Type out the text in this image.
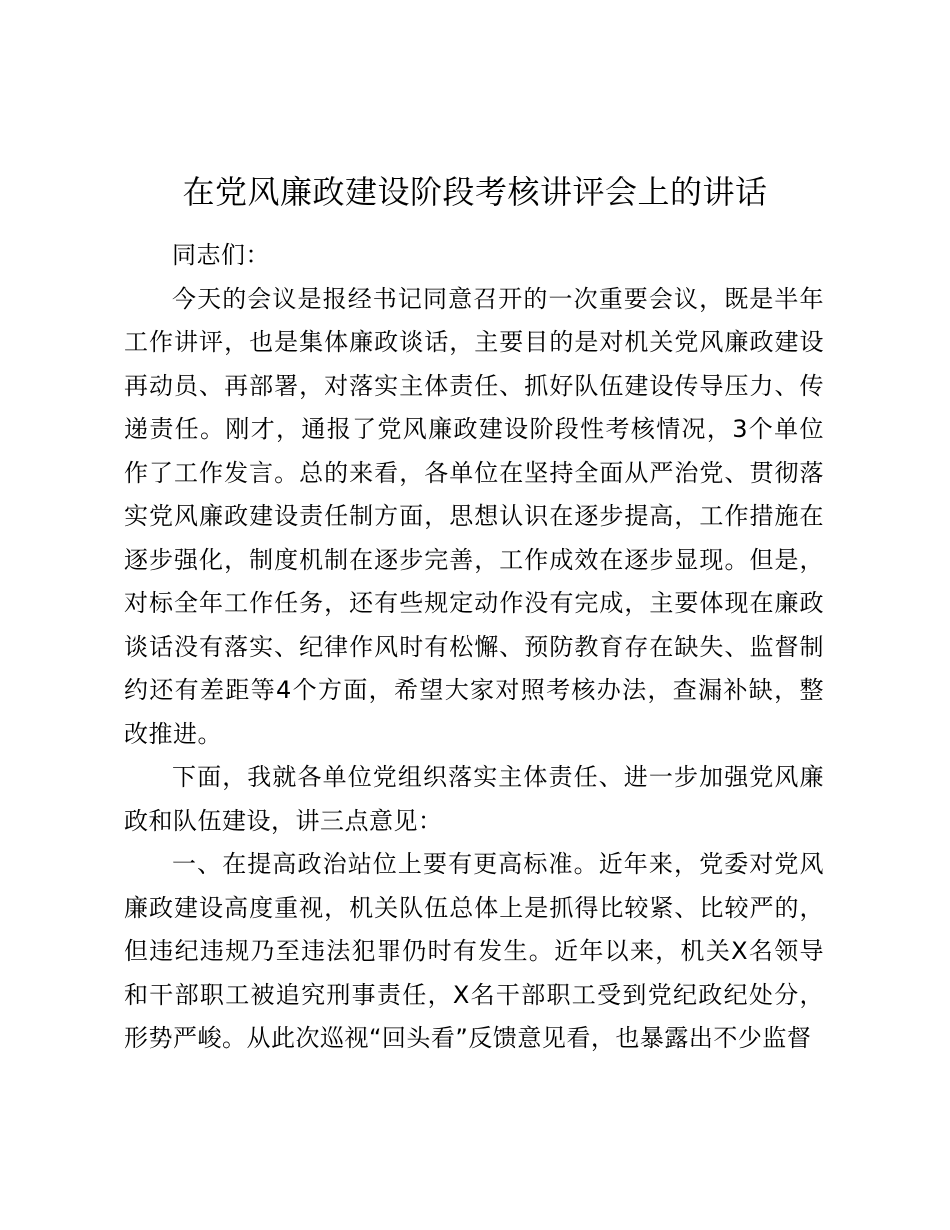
在党风廉政建设阶段考核讲评会上的讲话

同志们：

今天的会议是报经书记同意召开的一次重要会议，既是半年工作讲评，也是集体廉政谈话，主要目的是对机关党风廉政建设再动员、再部署，对落实主体责任、抓好队伍建设传导压力、传递责任。刚才，通报了党风廉政建设阶段性考核情况，3个单位作了工作发言。总的来看，各单位在坚持全面从严治党、贯彻落实党风廉政建设责任制方面，思想认识在逐步提高，工作措施在逐步强化，制度机制在逐步完善，工作成效在逐步显现。但是，对标全年工作任务，还有些规定动作没有完成，主要体现在廉政谈话没有落实、纪律作风时有松懈、预防教育存在缺失、监督制约还有差距等4个方面，希望大家对照考核办法，查漏补缺，整改推进。

下面，我就各单位党组织落实主体责任、进一步加强党风廉政和队伍建设，讲三点意见：

一、在提高政治站位上要有更高标准。近年来，党委对党风廉政建设高度重视，机关队伍总体上是抓得比较紧、比较严的，但违纪违规乃至违法犯罪仍时有发生。近年以来，机关X名领导和干部职工被追究刑事责任，X名干部职工受到党纪政纪处分，形势严峻。从此次巡视“回头看”反馈意见看，也暴露出不少监督
